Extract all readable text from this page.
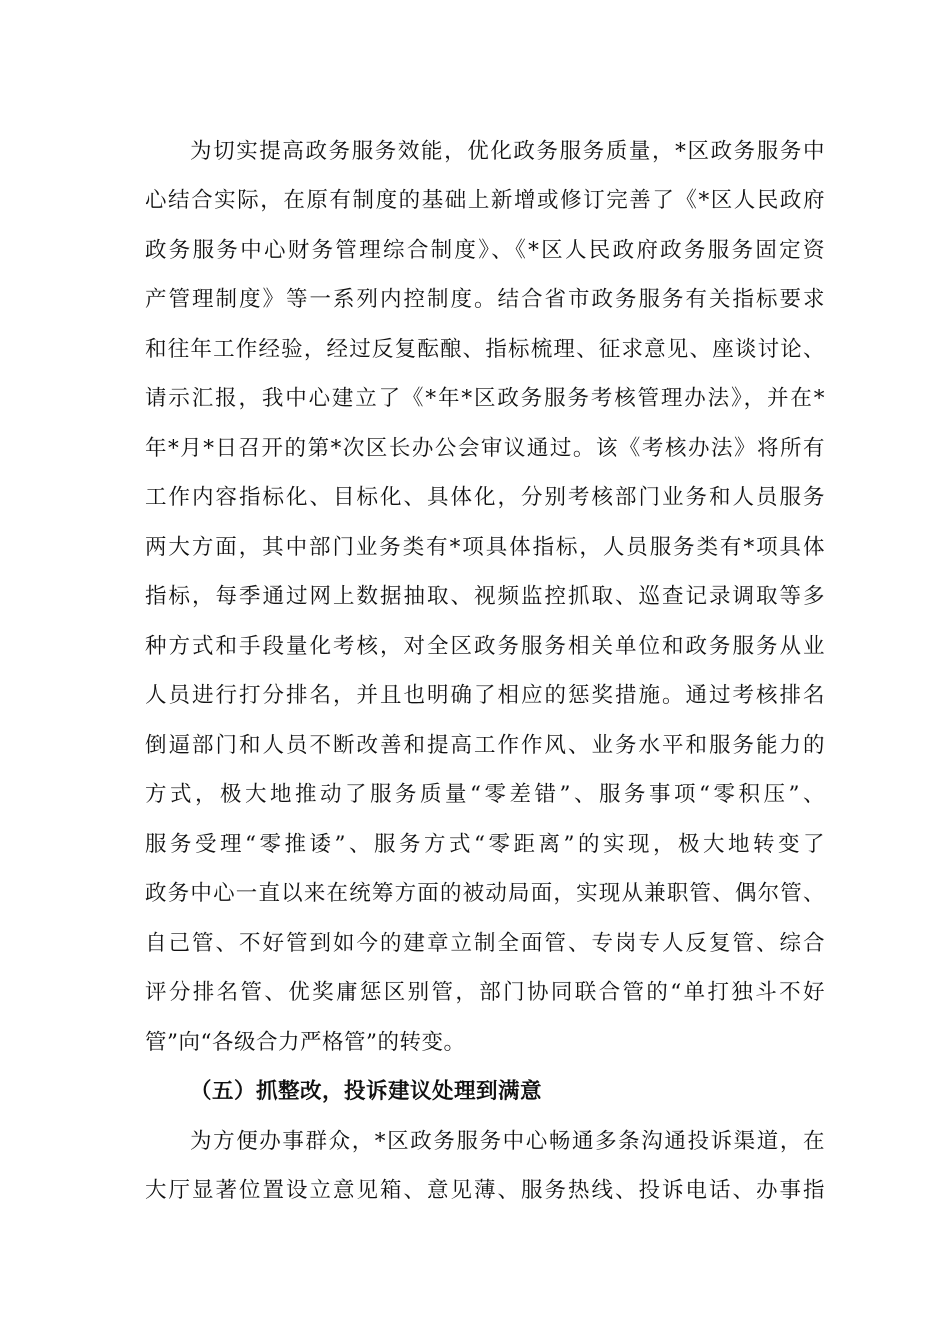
为切实提高政务服务效能，优化政务服务质量，*区政务服务中
心结合实际，在原有制度的基础上新增或修订完善了《*区人民政府
政务服务中心财务管理综合制度》、《*区人民政府政务服务固定资
产管理制度》等一系列内控制度。结合省市政务服务有关指标要求
和往年工作经验，经过反复酝酿、指标梳理、征求意见、座谈讨论、
请示汇报，我中心建立了《*年*区政务服务考核管理办法》，并在*
年*月*日召开的第*次区长办公会审议通过。该《考核办法》将所有
工作内容指标化、目标化、具体化，分别考核部门业务和人员服务
两大方面，其中部门业务类有*项具体指标，人员服务类有*项具体
指标，每季通过网上数据抽取、视频监控抓取、巡查记录调取等多
种方式和手段量化考核，对全区政务服务相关单位和政务服务从业
人员进行打分排名，并且也明确了相应的惩奖措施。通过考核排名
倒逼部门和人员不断改善和提高工作作风、业务水平和服务能力的
方式，极大地推动了服务质量“零差错”、服务事项“零积压”、
服务受理“零推诿”、服务方式“零距离”的实现，极大地转变了
政务中心一直以来在统筹方面的被动局面，实现从兼职管、偶尔管、
自己管、不好管到如今的建章立制全面管、专岗专人反复管、综合
评分排名管、优奖庸惩区别管，部门协同联合管的“单打独斗不好
管”向“各级合力严格管”的转变。
（五）抓整改，投诉建议处理到满意
为方便办事群众，*区政务服务中心畅通多条沟通投诉渠道，在
大厅显著位置设立意见箱、意见薄、服务热线、投诉电话、办事指
